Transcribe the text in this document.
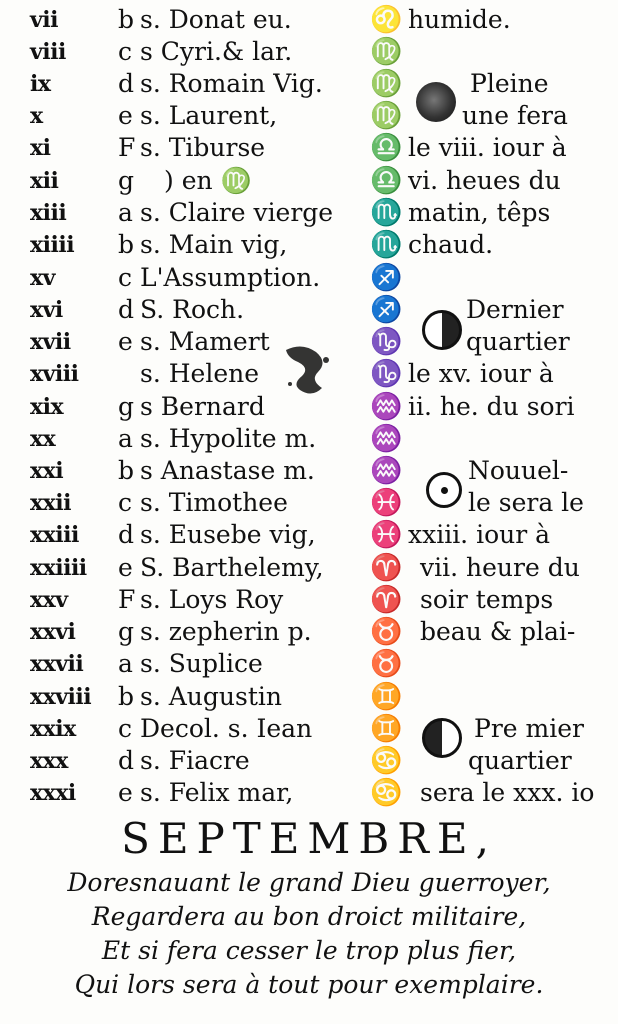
vii b s. Donat eu.	♌ humide.
viii c s Cyri.& lar.	♍
ix	d s. Romain Vig. ♍	Pleine
x	e s. Laurent,	♍ une fera
xi	F s. Tiburse	♎ le viii. iour à
xii g ) en ♍	♎ vi. heues du
xiii a s. Claire vierge ♏ matin, têps
xiiii b s. Main vig,	♏ chaud.
xv	c L'Assumption. ♐
xvi d S. Roch.	♐	Dernier
xvii e s. Mamert	♑	quartier
xviii s. Helene	♑ le xv. iour à
xix g s Bernard	♒ ii. he. du sori
xx	a s. Hypolite m. ♒
xxi b s Anastase m. ♒	Nouuel-
xxii c s. Timothee	♓	le sera le
xxiii d s. Eusebe vig, ♓ xxiii. iour à
xxiiii e S. Barthelemy, ♈ vii. heure du
xxv F s. Loys Roy	♈ soir temps
xxvi g s. zepherin p. ♉ beau & plai-
xxvii a s. Suplice	♉
xxviii b s. Augustin	♊
xxix c Decol. s. Iean ♊	Pre mier
xxx d s. Fiacre	♋	quartier
xxxi e s. Felix mar,	♋ sera le xxx. io
SEPTEMBRE,
Doresnauant le grand Dieu guerroyer,
Regardera au bon droict militaire,
Et si fera cesser le trop plus fier,
Qui lors sera à tout pour exemplaire.
